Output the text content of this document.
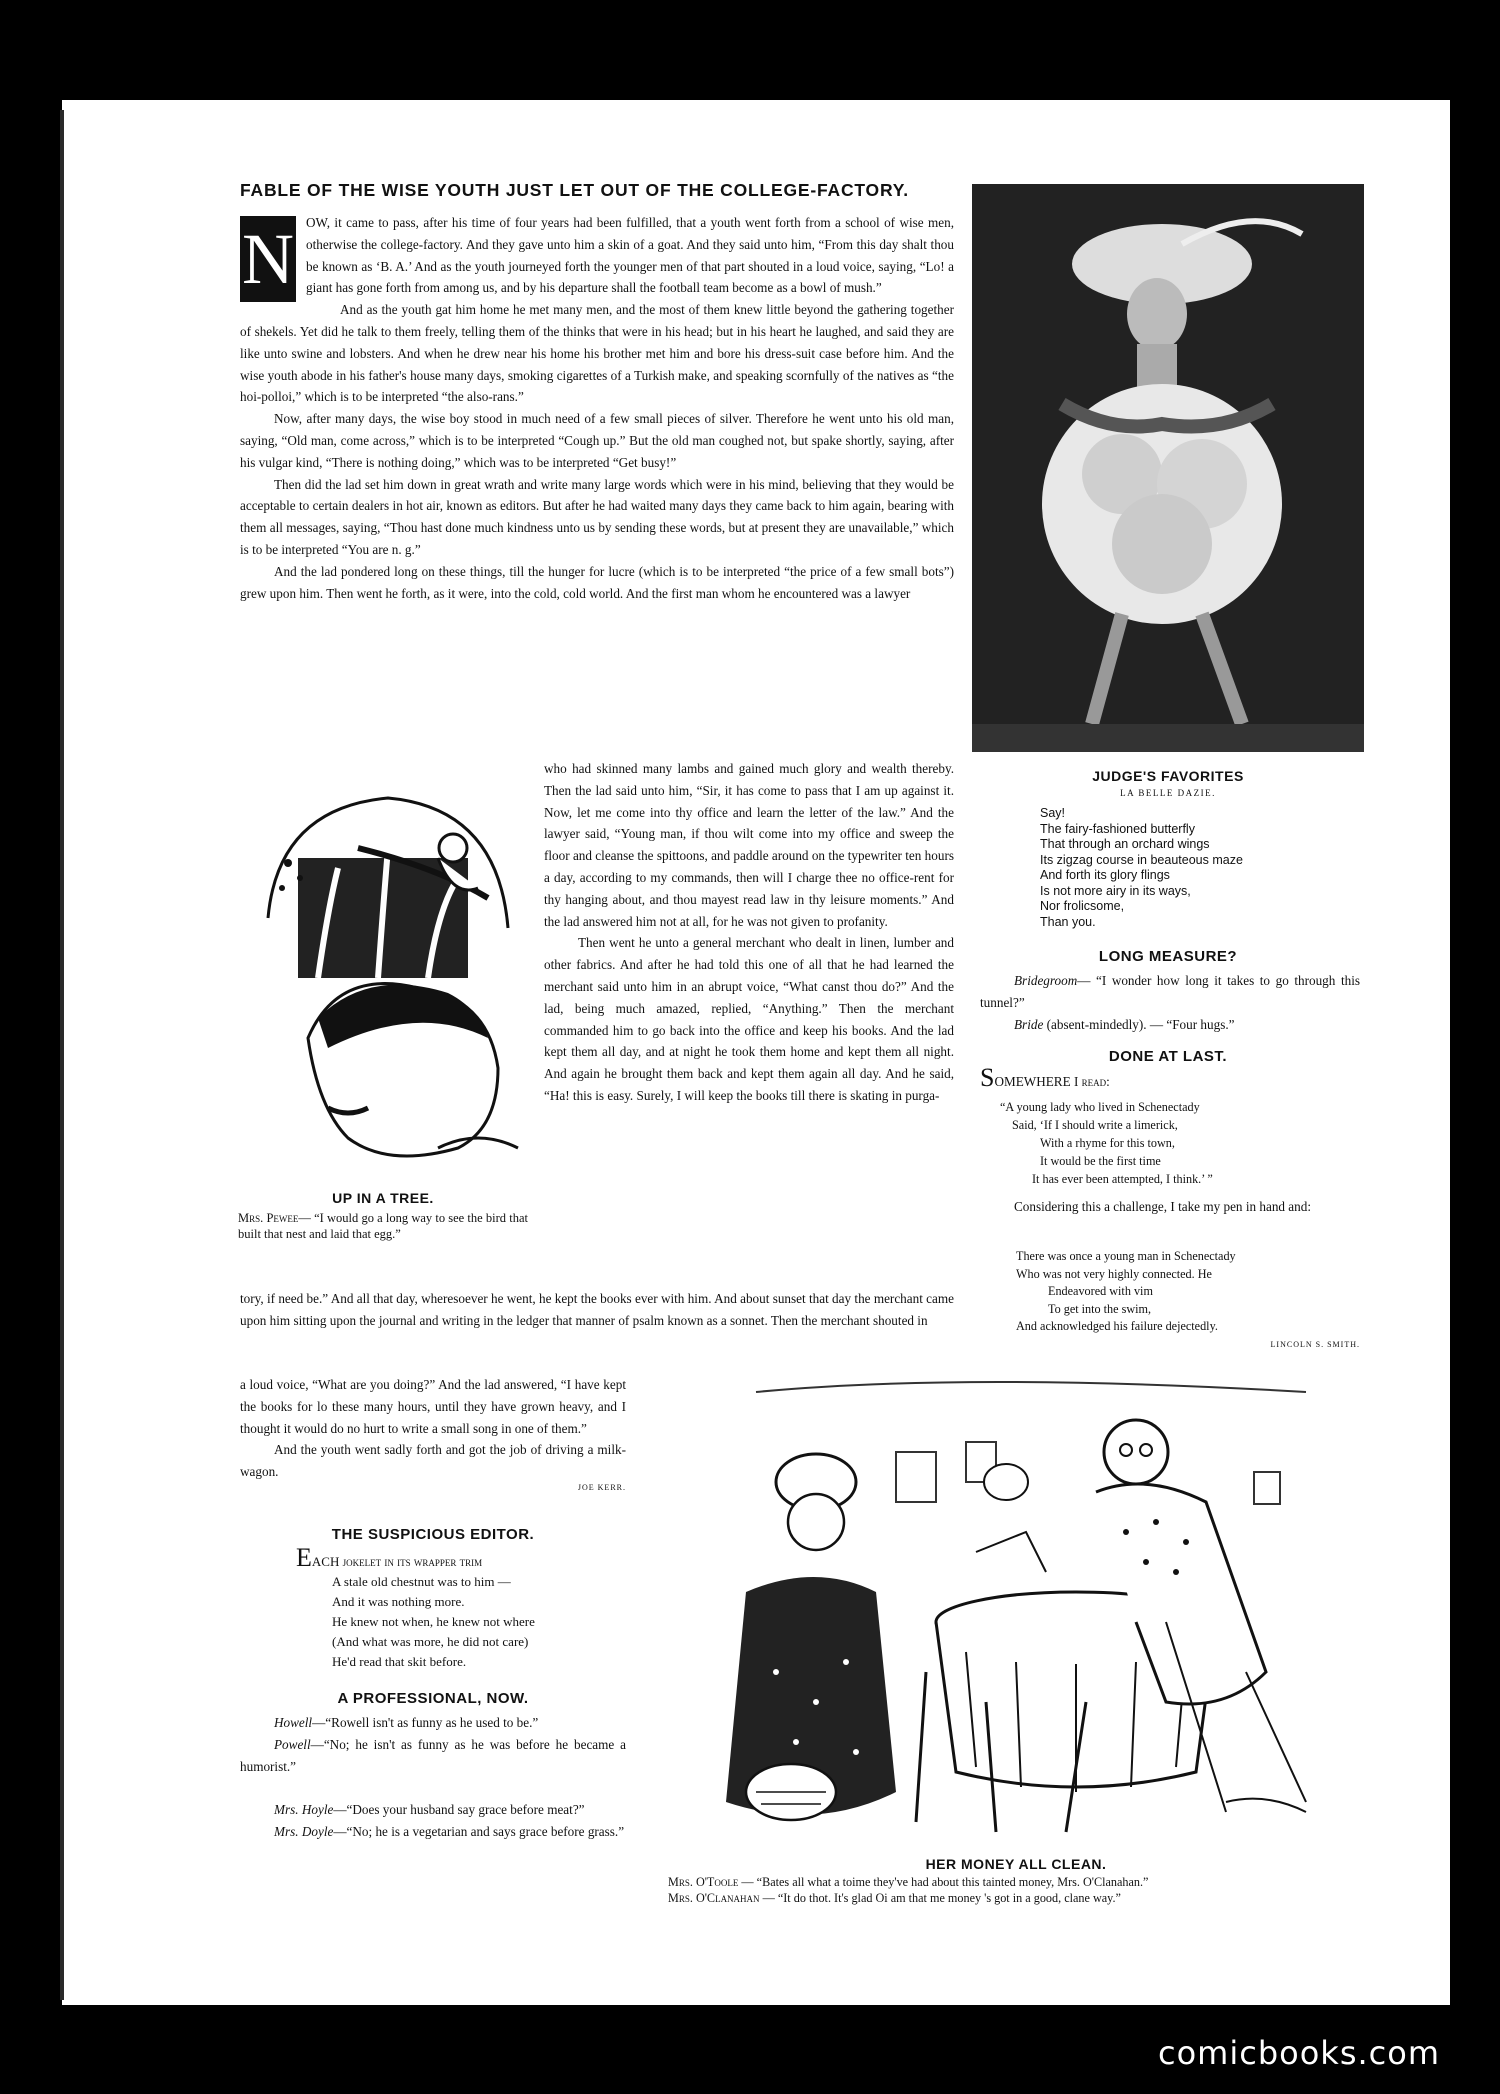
FABLE OF THE WISE YOUTH JUST LET OUT OF THE COLLEGE-FACTORY.
N OW, it came to pass, after his time of four years had been fulfilled, that a youth went forth from a school of wise men, otherwise the college-factory. And they gave unto him a skin of a goat. And they said unto him, “From this day shalt thou be known as ‘B. A.’ And as the youth journeyed forth the younger men of that part shouted in a loud voice, saying, “Lo! a giant has gone forth from among us, and by his departure shall the football team become as a bowl of mush.”

And as the youth gat him home he met many men, and the most of them knew little beyond the gathering together of shekels. Yet did he talk to them freely, telling them of the thinks that were in his head; but in his heart he laughed, and said they are like unto swine and lobsters. And when he drew near his home his brother met him and bore his dress-suit case before him. And the wise youth abode in his father's house many days, smoking cigarettes of a Turkish make, and speaking scornfully of the natives as “the hoi-polloi,” which is to be interpreted “the also-rans.”

Now, after many days, the wise boy stood in much need of a few small pieces of silver. Therefore he went unto his old man, saying, “Old man, come across,” which is to be interpreted “Cough up.” But the old man coughed not, but spake shortly, saying, after his vulgar kind, “There is nothing doing,” which was to be interpreted “Get busy!”

Then did the lad set him down in great wrath and write many large words which were in his mind, believing that they would be acceptable to certain dealers in hot air, known as editors. But after he had waited many days they came back to him again, bearing with them all messages, saying, “Thou hast done much kindness unto us by sending these words, but at present they are unavailable,” which is to be interpreted “You are n. g.”

And the lad pondered long on these things, till the hunger for lucre (which is to be interpreted “the price of a few small bots”) grew upon him. Then went he forth, as it were, into the cold, cold world. And the first man whom he encountered was a lawyer

UP IN A TREE.
Mrs. Pewee— “I would go a long way to see the bird that built that nest and laid that egg.”

who had skinned many lambs and gained much glory and wealth thereby. Then the lad said unto him, “Sir, it has come to pass that I am up against it. Now, let me come into thy office and learn the letter of the law.” And the lawyer said, “Young man, if thou wilt come into my office and sweep the floor and cleanse the spittoons, and paddle around on the typewriter ten hours a day, according to my commands, then will I charge thee no office-rent for thy hanging about, and thou mayest read law in thy leisure moments.” And the lad answered him not at all, for he was not given to profanity.

Then went he unto a general merchant who dealt in linen, lumber and other fabrics. And after he had told this one of all that he had learned the merchant said unto him in an abrupt voice, “What canst thou do?” And the lad, being much amazed, replied, “Anything.” Then the merchant commanded him to go back into the office and keep his books. And the lad kept them all day, and at night he took them home and kept them all night. And again he brought them back and kept them again all day. And he said, “Ha! this is easy. Surely, I will keep the books till there is skating in purga-

tory, if need be.” And all that day, wheresoever he went, he kept the books ever with him. And about sunset that day the merchant came upon him sitting upon the journal and writing in the ledger that manner of psalm known as a sonnet. Then the merchant shouted in

a loud voice, “What are you doing?” And the lad answered, “I have kept the books for lo these many hours, until they have grown heavy, and I thought it would do no hurt to write a small song in one of them.”

And the youth went sadly forth and got the job of driving a milk-wagon.

JOE KERR.
THE SUSPICIOUS EDITOR.
EACH jokelet in its wrapper trim
A stale old chestnut was to him —
And it was nothing more.
He knew not when, he knew not where
(And what was more, he did not care)
He'd read that skit before.
A PROFESSIONAL, NOW.

Howell—“Rowell isn't as funny as he used to be.”

Powell—“No; he isn't as funny as he was before he became a humorist.”

Mrs. Hoyle—“Does your husband say grace before meat?”

Mrs. Doyle—“No; he is a vegetarian and says grace before grass.”

JUDGE'S FAVORITES
LA BELLE DAZIE.
Say!
The fairy-fashioned butterfly
That through an orchard wings
Its zigzag course in beauteous maze
And forth its glory flings
Is not more airy in its ways,
Nor frolicsome,
Than you.
LONG MEASURE?

Bridegroom— “I wonder how long it takes to go through this tunnel?”

Bride (absent-mindedly). — “Four hugs.”

DONE AT LAST.
SOMEWHERE I read:
“A young lady who lived in Schenectady
Said, ‘If I should write a limerick,
With a rhyme for this town,
It would be the first time
It has ever been attempted, I think.’ ”

Considering this a challenge, I take my pen in hand and:

There was once a young man in Schenectady
Who was not very highly connected. He
Endeavored with vim
To get into the swim,
And acknowledged his failure dejectedly.
LINCOLN S. SMITH.
HER MONEY ALL CLEAN.
Mrs. O'Toole — “Bates all what a toime they've had about this tainted money, Mrs. O'Clanahan.”
Mrs. O'Clanahan — “It do thot. It's glad Oi am that me money 's got in a good, clane way.”
comicbooks.com
